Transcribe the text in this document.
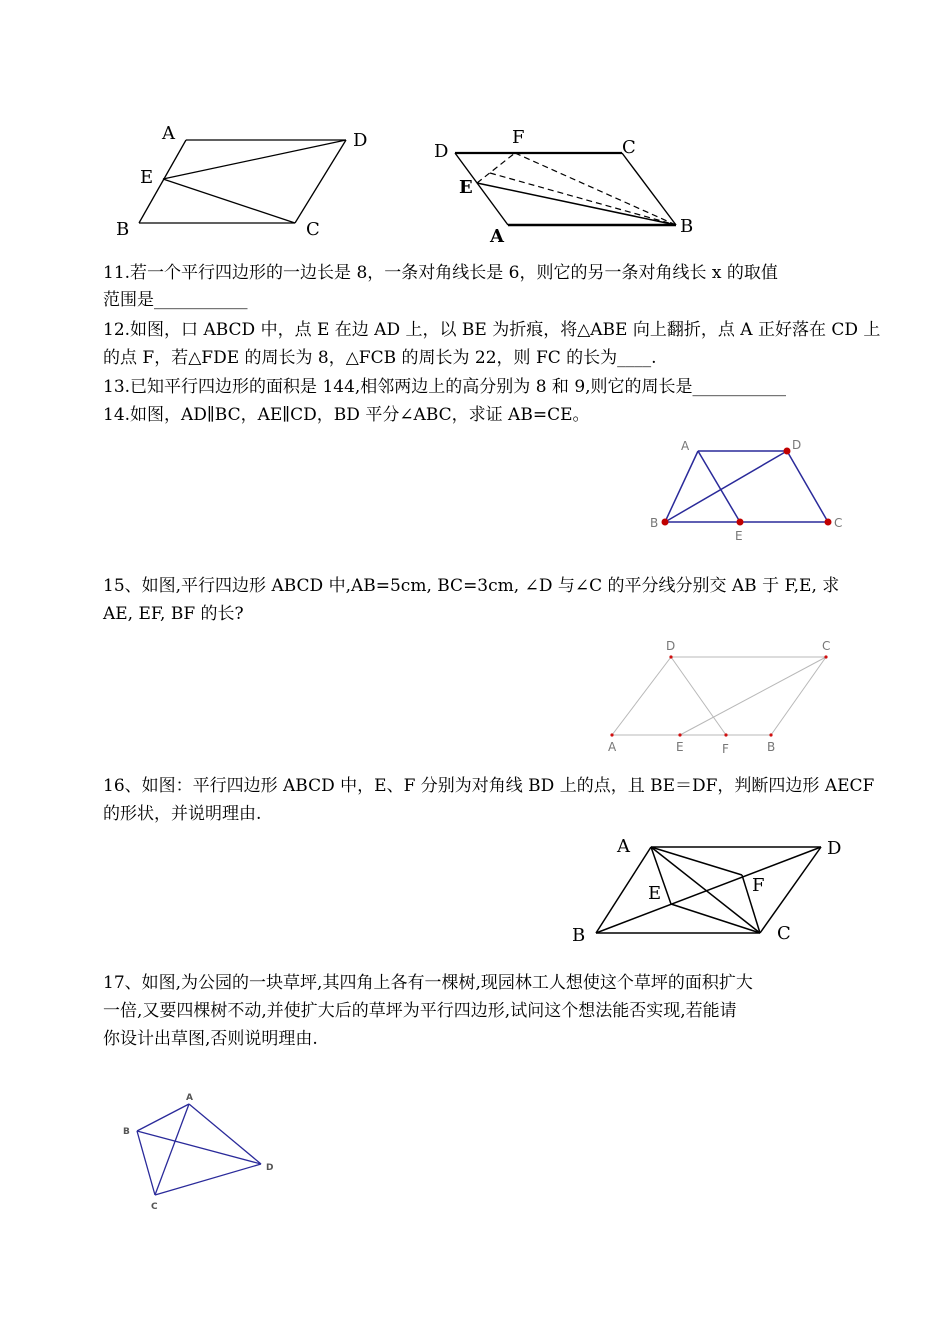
A	D
E
B	C
D
F	C
E
A	B
11.若一个平行四边形的一边长是 8，一条对角线长是 6，则它的另一条对角线长 x 的取值
范围是___________
12.如图，口 ABCD 中，点 E 在边 AD 上，以 BE 为折痕，将△ABE 向上翻折，点 A 正好落在 CD 上
的点 F，若△FDE 的周长为 8，△FCB 的周长为 22，则 FC 的长为____.
13.已知平行四边形的面积是 144,相邻两边上的高分别为 8 和 9,则它的周长是___________
14.如图，AD∥BC，AE∥CD，BD 平分∠ABC，求证 AB=CE。
A	D
B
E
C
15、如图,平行四边形 ABCD 中,AB=5cm, BC=3cm, ∠D 与∠C 的平分线分别交 AB 于 F,E, 求
AE, EF, BF 的长?
D	C
A	E	F	B
16、如图：平行四边形 ABCD 中，E、F 分别为对角线 BD 上的点，且 BE＝DF，判断四边形 AECF
的形状，并说明理由.
A	D
E	F
B	C
17、如图,为公园的一块草坪,其四角上各有一棵树,现园林工人想使这个草坪的面积扩大
一倍,又要四棵树不动,并使扩大后的草坪为平行四边形,试问这个想法能否实现,若能请
你设计出草图,否则说明理由.
A
B
D
C
